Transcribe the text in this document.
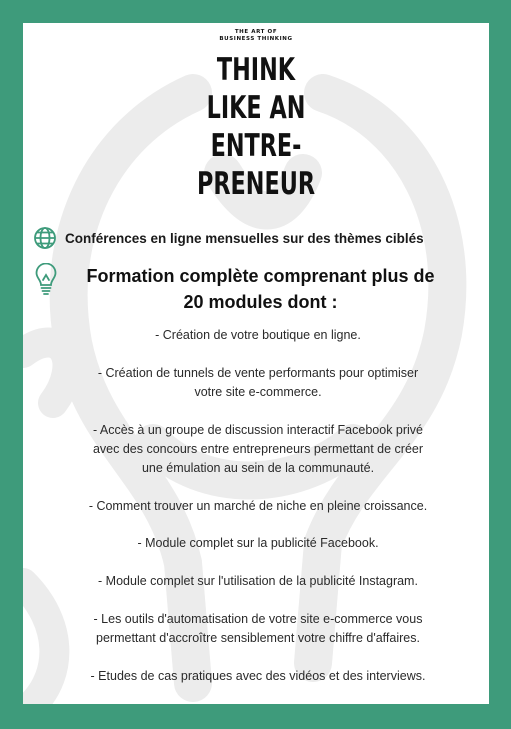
THE ART OF
BUSINESS THINKING
THINK
LIKE AN
ENTRE-
PRENEUR
Conférences en ligne mensuelles sur des thèmes ciblés
Formation complète comprenant plus de
20 modules dont :
- Création de votre boutique en ligne.
- Création de tunnels de vente performants pour optimiser
votre site e-commerce.
- Accès à un groupe de discussion interactif Facebook privé
avec des concours entre entrepreneurs permettant de créer
une émulation au sein de la communauté.
- Comment trouver un marché de niche en pleine croissance.
- Module complet sur la publicité Facebook.
- Module complet sur l'utilisation de la publicité Instagram.
- Les outils d'automatisation de votre site e-commerce vous
permettant d'accroître sensiblement votre chiffre d'affaires.
- Etudes de cas pratiques avec des vidéos et des interviews.
